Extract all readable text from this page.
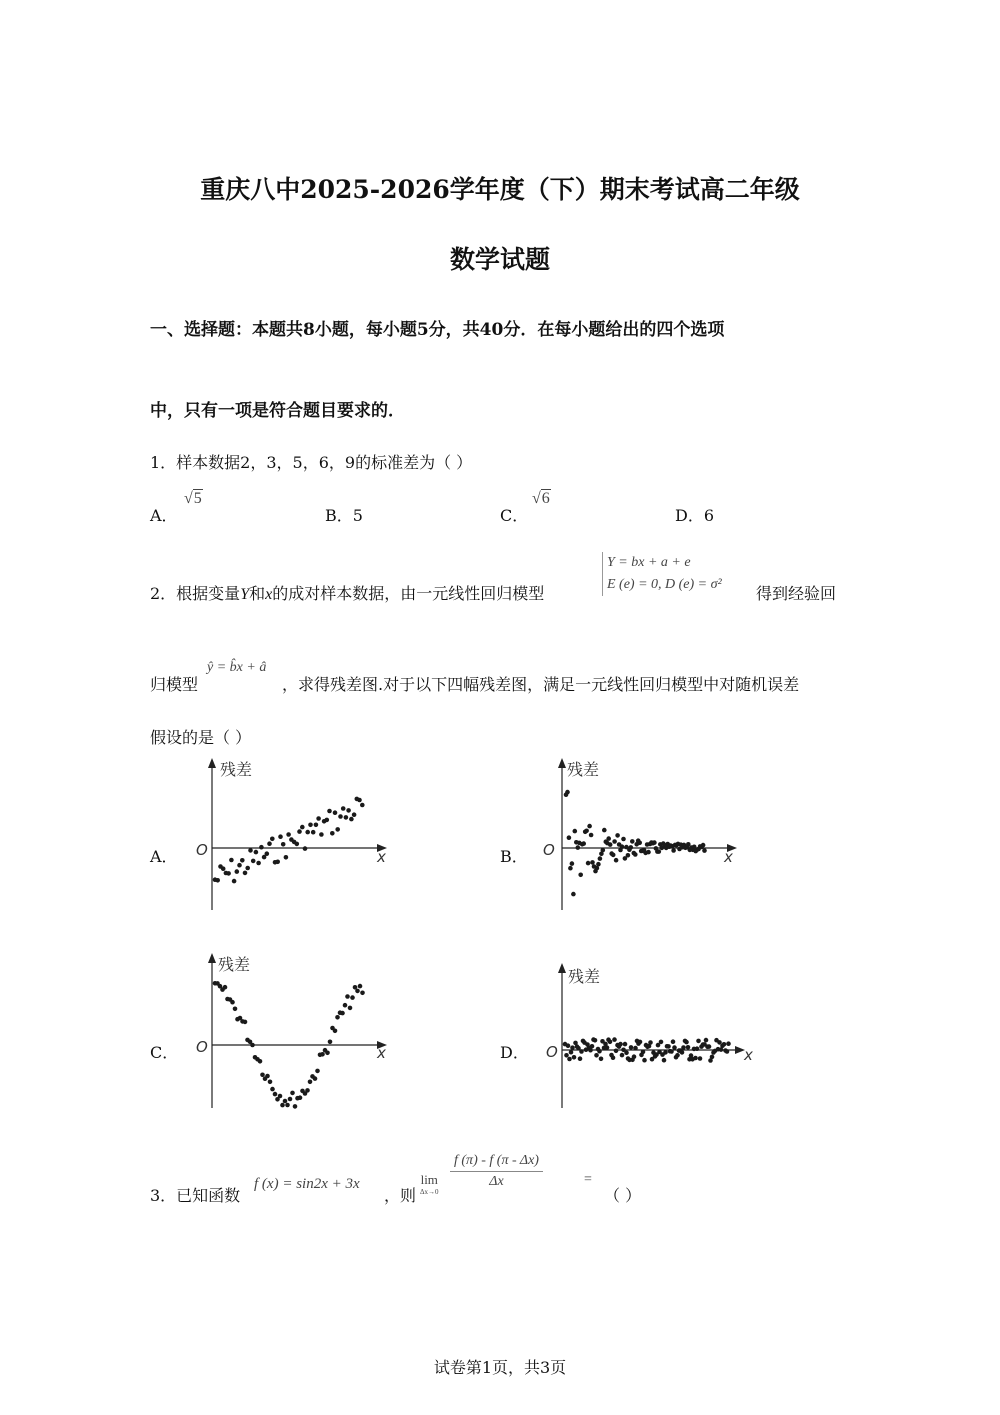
重庆八中2025-2026学年度（下）期末考试高二年级
数学试题
一、选择题：本题共8小题，每小题5分，共40分．在每小题给出的四个选项
中，只有一项是符合题目要求的．
1．样本数据2，3，5，6，9的标准差为（ ）
A．
√5
B．5	C．
√6
D．6
2．根据变量Y和x的成对样本数据，由一元线性回归模型
Y = bx + a + e
E (e) = 0, D (e) = σ² 得到经验回
归模型
ŷ = b̂x + â
，求得残差图.对于以下四幅残差图，满足一元线性回归模型中对随机误差
假设的是（ ）
A．
残差
O	x	B．
残差
O	x
C．
残差
O	x	D．
残差
O	x
3．已知函数
f (x) = sin2x + 3x
，则
lim
Δx→0
$\frac{f (\pi) - f (\pi - \Delta x)}{\Delta x}$	=
（ ）
试卷第1页，共3页
